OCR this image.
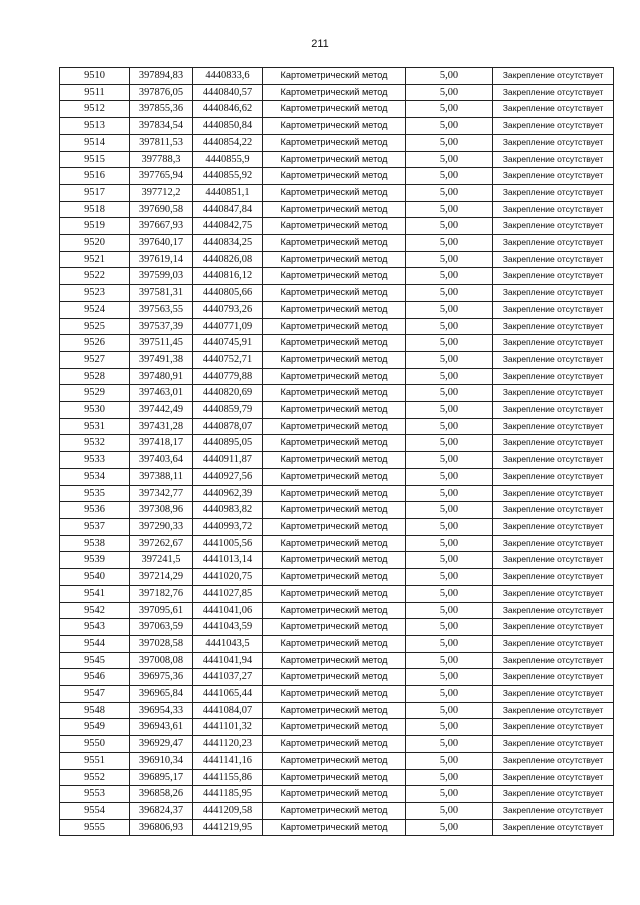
211
9510	397894,83	4440833,6	Картометрический метод	5,00	Закрепление отсутствует
9511	397876,05	4440840,57	Картометрический метод	5,00	Закрепление отсутствует
9512	397855,36	4440846,62	Картометрический метод	5,00	Закрепление отсутствует
9513	397834,54	4440850,84	Картометрический метод	5,00	Закрепление отсутствует
9514	397811,53	4440854,22	Картометрический метод	5,00	Закрепление отсутствует
9515	397788,3	4440855,9	Картометрический метод	5,00	Закрепление отсутствует
9516	397765,94	4440855,92	Картометрический метод	5,00	Закрепление отсутствует
9517	397712,2	4440851,1	Картометрический метод	5,00	Закрепление отсутствует
9518	397690,58	4440847,84	Картометрический метод	5,00	Закрепление отсутствует
9519	397667,93	4440842,75	Картометрический метод	5,00	Закрепление отсутствует
9520	397640,17	4440834,25	Картометрический метод	5,00	Закрепление отсутствует
9521	397619,14	4440826,08	Картометрический метод	5,00	Закрепление отсутствует
9522	397599,03	4440816,12	Картометрический метод	5,00	Закрепление отсутствует
9523	397581,31	4440805,66	Картометрический метод	5,00	Закрепление отсутствует
9524	397563,55	4440793,26	Картометрический метод	5,00	Закрепление отсутствует
9525	397537,39	4440771,09	Картометрический метод	5,00	Закрепление отсутствует
9526	397511,45	4440745,91	Картометрический метод	5,00	Закрепление отсутствует
9527	397491,38	4440752,71	Картометрический метод	5,00	Закрепление отсутствует
9528	397480,91	4440779,88	Картометрический метод	5,00	Закрепление отсутствует
9529	397463,01	4440820,69	Картометрический метод	5,00	Закрепление отсутствует
9530	397442,49	4440859,79	Картометрический метод	5,00	Закрепление отсутствует
9531	397431,28	4440878,07	Картометрический метод	5,00	Закрепление отсутствует
9532	397418,17	4440895,05	Картометрический метод	5,00	Закрепление отсутствует
9533	397403,64	4440911,87	Картометрический метод	5,00	Закрепление отсутствует
9534	397388,11	4440927,56	Картометрический метод	5,00	Закрепление отсутствует
9535	397342,77	4440962,39	Картометрический метод	5,00	Закрепление отсутствует
9536	397308,96	4440983,82	Картометрический метод	5,00	Закрепление отсутствует
9537	397290,33	4440993,72	Картометрический метод	5,00	Закрепление отсутствует
9538	397262,67	4441005,56	Картометрический метод	5,00	Закрепление отсутствует
9539	397241,5	4441013,14	Картометрический метод	5,00	Закрепление отсутствует
9540	397214,29	4441020,75	Картометрический метод	5,00	Закрепление отсутствует
9541	397182,76	4441027,85	Картометрический метод	5,00	Закрепление отсутствует
9542	397095,61	4441041,06	Картометрический метод	5,00	Закрепление отсутствует
9543	397063,59	4441043,59	Картометрический метод	5,00	Закрепление отсутствует
9544	397028,58	4441043,5	Картометрический метод	5,00	Закрепление отсутствует
9545	397008,08	4441041,94	Картометрический метод	5,00	Закрепление отсутствует
9546	396975,36	4441037,27	Картометрический метод	5,00	Закрепление отсутствует
9547	396965,84	4441065,44	Картометрический метод	5,00	Закрепление отсутствует
9548	396954,33	4441084,07	Картометрический метод	5,00	Закрепление отсутствует
9549	396943,61	4441101,32	Картометрический метод	5,00	Закрепление отсутствует
9550	396929,47	4441120,23	Картометрический метод	5,00	Закрепление отсутствует
9551	396910,34	4441141,16	Картометрический метод	5,00	Закрепление отсутствует
9552	396895,17	4441155,86	Картометрический метод	5,00	Закрепление отсутствует
9553	396858,26	4441185,95	Картометрический метод	5,00	Закрепление отсутствует
9554	396824,37	4441209,58	Картометрический метод	5,00	Закрепление отсутствует
9555	396806,93	4441219,95	Картометрический метод	5,00	Закрепление отсутствует
